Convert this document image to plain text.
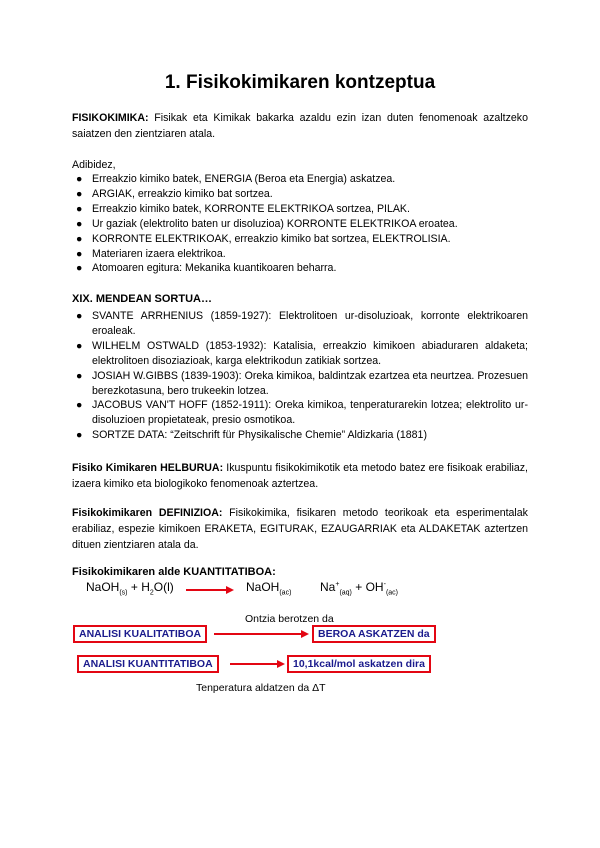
1. Fisikokimikaren kontzeptua

FISIKOKIMIKA: Fisikak eta Kimikak bakarka azaldu ezin izan duten fenomenoak azaltzeko saiatzen den zientziaren atala.

Adibidez,

● Erreakzio kimiko batek, ENERGIA (Beroa eta Energia) askatzea.
● ARGIAK, erreakzio kimiko bat sortzea.
● Erreakzio kimiko batek, KORRONTE ELEKTRIKOA sortzea, PILAK.
● Ur gaziak (elektrolito baten ur disoluzioa) KORRONTE ELEKTRIKOA eroatea.
● KORRONTE ELEKTRIKOAK, erreakzio kimiko bat sortzea, ELEKTROLISIA.
● Materiaren izaera elektrikoa.
● Atomoaren egitura: Mekanika kuantikoaren beharra.
XIX. MENDEAN SORTUA…
● SVANTE ARRHENIUS (1859-1927): Elektrolitoen ur-disoluzioak, korronte elektrikoaren eroaleak.
● WILHELM OSTWALD (1853-1932): Katalisia, erreakzio kimikoen abiaduraren aldaketa; elektrolitoen disoziazioak, karga elektrikodun zatikiak sortzea.
● JOSIAH W.GIBBS (1839-1903): Oreka kimikoa, baldintzak ezartzea eta neurtzea. Prozesuen berezkotasuna, bero trukeekin lotzea.
● JACOBUS VAN'T HOFF (1852-1911): Oreka kimikoa, tenperaturarekin lotzea; elektrolito ur-disoluzioen propietateak, presio osmotikoa.
● SORTZE DATA: “Zeitschrift für Physikalische Chemie” Aldizkaria (1881)

Fisiko Kimikaren HELBURUA: Ikuspuntu fisikokimikotik eta metodo batez ere fisikoak erabiliaz, izaera kimiko eta biologikoko fenomenoak aztertzea.

Fisikokimikaren DEFINIZIOA: Fisikokimika, fisikaren metodo teorikoak eta esperimentalak erabiliaz, espezie kimikoen ERAKETA, EGITURAK, EZAUGARRIAK eta ALDAKETAK aztertzen dituen zientziaren atala da.

Fisikokimikaren alde KUANTITATIBOA:
NaOH$_{(s)}$ + $H_2O(l)$	NaOH$_{(ac)}$ $Na^+_{(aq)} + OH^-_{(ac)}$
Ontzia berotzen da
ANALISI KUALITATIBOA	BEROA ASKATZEN da
ANALISI KUANTITATIBOA	10,1kcal/mol askatzen dira
Tenperatura aldatzen da ΔT
